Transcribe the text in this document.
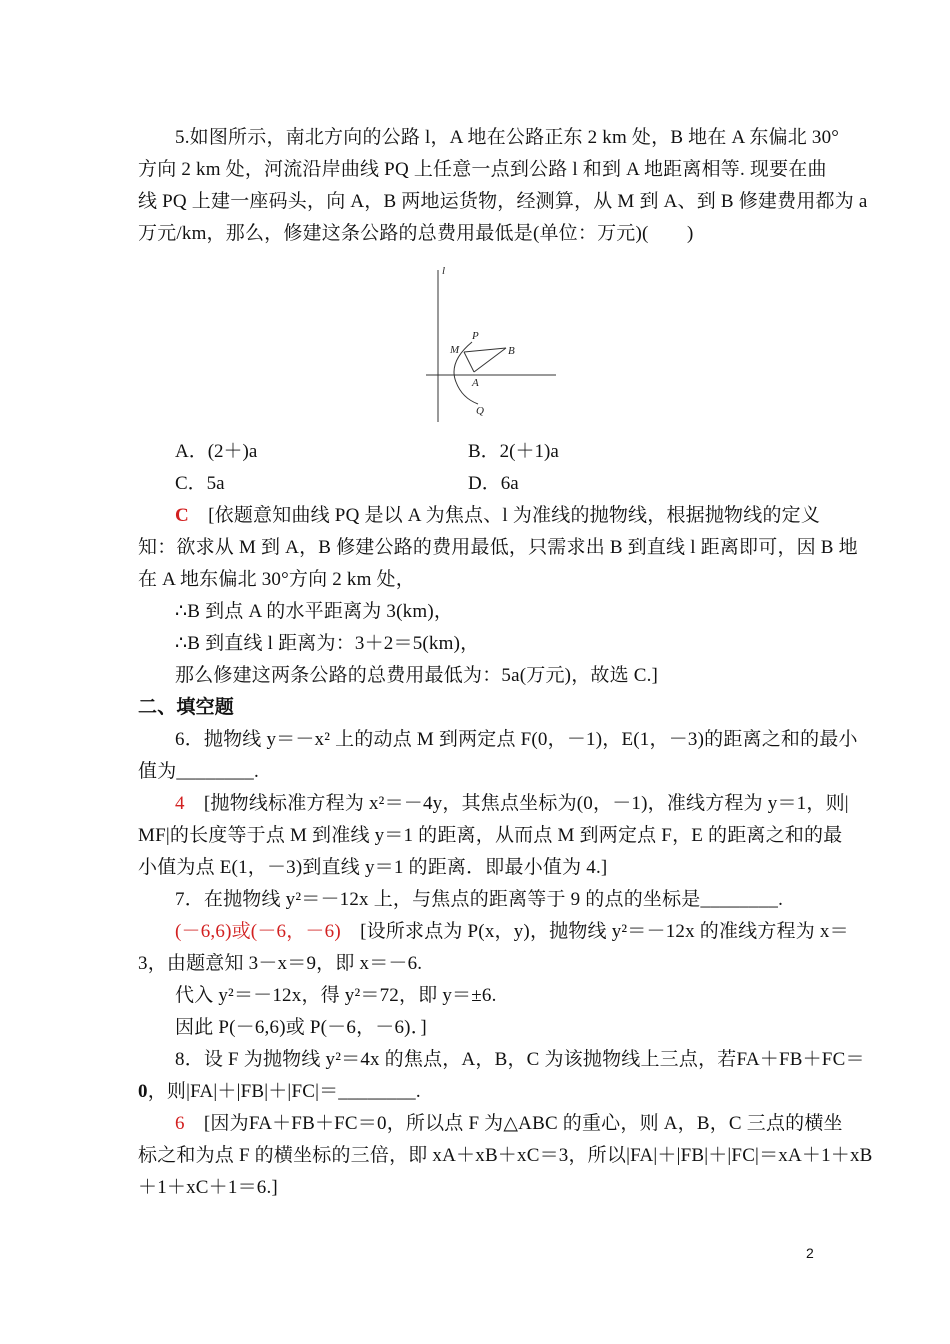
5.如图所示，南北方向的公路 l，A 地在公路正东 2 km 处，B 地在 A 东偏北 30°
方向 2 km 处，河流沿岸曲线 PQ 上任意一点到公路 l 和到 A 地距离相等. 现要在曲
线 PQ 上建一座码头，向 A，B 两地运货物，经测算，从 M 到 A、到 B 修建费用都为 a
万元/km，那么，修建这条公路的总费用最低是(单位：万元)(　　)
l
P
M	B
A
Q
A．(2＋)a	B．2(＋1)a
C．5a	D．6a
C　 [依题意知曲线 PQ 是以 A 为焦点、l 为准线的抛物线，根据抛物线的定义
知：欲求从 M 到 A，B 修建公路的费用最低，只需求出 B 到直线 l 距离即可，因 B 地
在 A 地东偏北 30°方向 2 km 处，
∴B 到点 A 的水平距离为 3(km)，
∴B 到直线 l 距离为：3＋2＝5(km)，
那么修建这两条公路的总费用最低为：5a(万元)，故选 C.]
二、填空题
6．抛物线 y＝－x² 上的动点 M 到两定点 F(0，－1)，E(1，－3)的距离之和的最小
值为________.
4　 [抛物线标准方程为 x²＝－4y，其焦点坐标为(0，－1)，准线方程为 y＝1，则|
MF|的长度等于点 M 到准线 y＝1 的距离，从而点 M 到两定点 F，E 的距离之和的最
小值为点 E(1，－3)到直线 y＝1 的距离．即最小值为 4.]
7．在抛物线 y²＝－12x 上，与焦点的距离等于 9 的点的坐标是________.
(－6,6)或(－6，－6)　 [设所求点为 P(x，y)，抛物线 y²＝－12x 的准线方程为 x＝
3，由题意知 3－x＝9，即 x＝－6.
代入 y²＝－12x，得 y²＝72，即 y＝±6.
因此 P(－6,6)或 P(－6，－6)．]
8．设 F 为抛物线 y²＝4x 的焦点，A，B，C 为该抛物线上三点，若FA＋FB＋FC＝
0，则|FA|＋|FB|＋|FC|＝________.
6　 [因为FA＋FB＋FC＝0，所以点 F 为△ABC 的重心，则 A，B，C 三点的横坐
标之和为点 F 的横坐标的三倍，即 xA＋xB＋xC＝3，所以|FA|＋|FB|＋|FC|＝xA＋1＋xB
＋1＋xC＋1＝6.]
2
